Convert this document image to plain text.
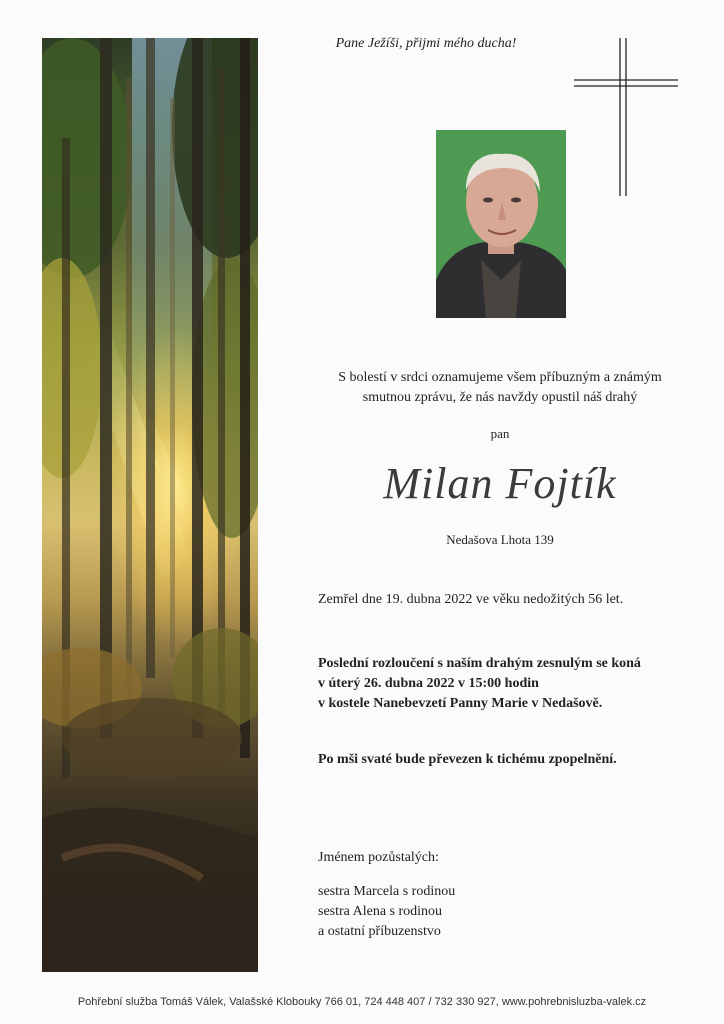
Pane Ježíši, přijmi mého ducha!
S bolestí v srdci oznamujeme všem příbuzným a známým
smutnou zprávu, že nás navždy opustil náš drahý
pan
Milan Fojtík
Nedašova Lhota 139
Zemřel dne 19. dubna 2022 ve věku nedožitých 56 let.
Poslední rozloučení s naším drahým zesnulým se koná
v úterý 26. dubna 2022 v 15:00 hodin
v kostele Nanebevzetí Panny Marie v Nedašově.
Po mši svaté bude převezen k tichému zpopelnění.
Jménem pozůstalých:
sestra Marcela s rodinou
sestra Alena s rodinou
a ostatní příbuzenstvo
Pohřební služba Tomáš Válek, Valašské Klobouky 766 01, 724 448 407 / 732 330 927, www.pohrebnisluzba-valek.cz
